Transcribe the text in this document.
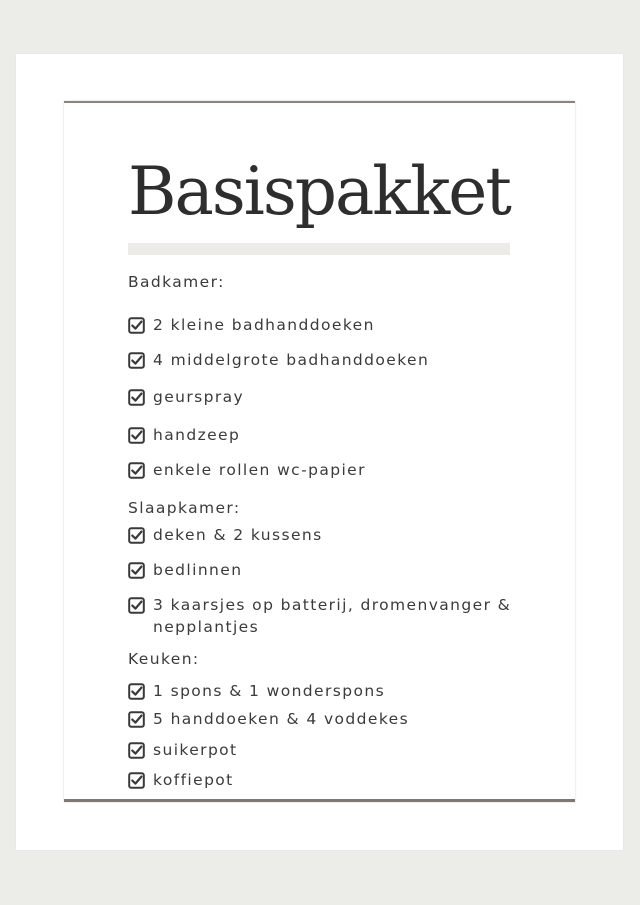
Basispakket
Badkamer:
2 kleine badhanddoeken
4 middelgrote badhanddoeken
geurspray
handzeep
enkele rollen wc-papier
Slaapkamer:
deken & 2 kussens
bedlinnen
3 kaarsjes op batterij, dromenvanger & nepplantjes
Keuken:
1 spons & 1 wonderspons
5 handdoeken & 4 voddekes
suikerpot
koffiepot
